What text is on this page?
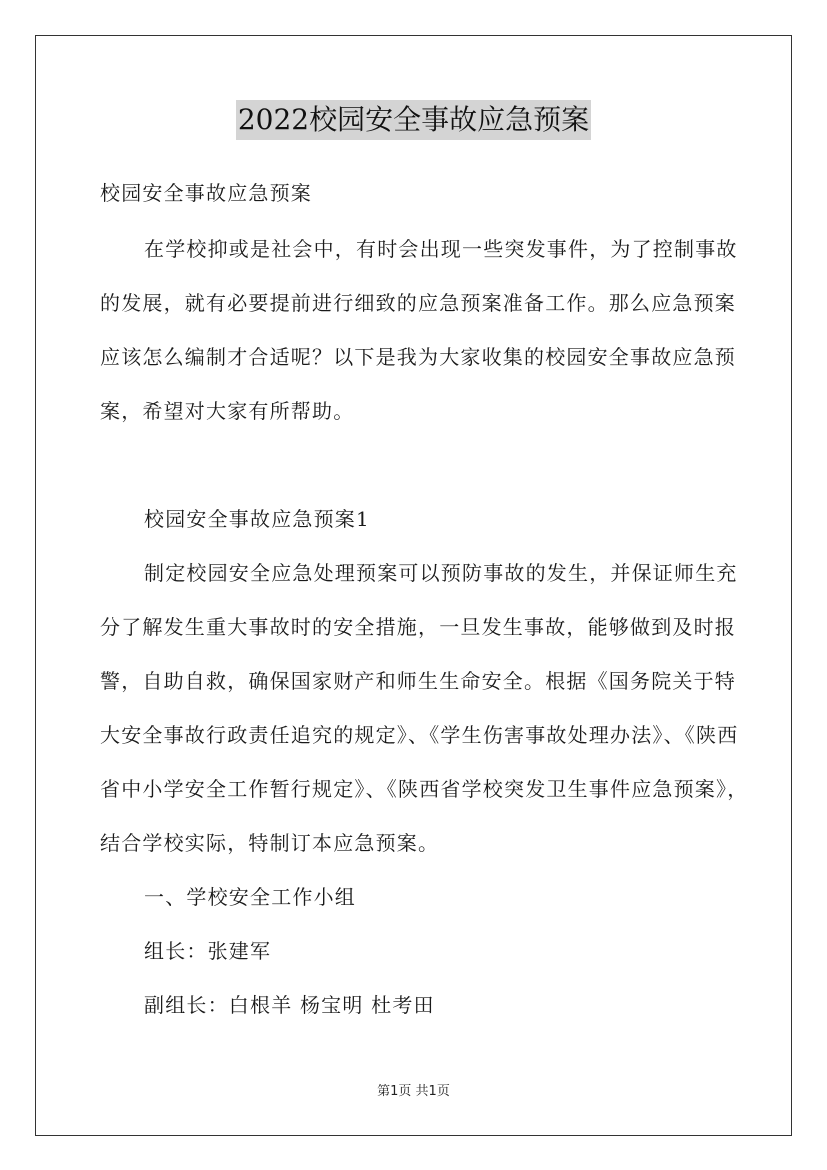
2022校园安全事故应急预案
校园安全事故应急预案
在学校抑或是社会中，有时会出现一些突发事件，为了控制事故
的发展，就有必要提前进行细致的应急预案准备工作。那么应急预案
应该怎么编制才合适呢？以下是我为大家收集的校园安全事故应急预
案，希望对大家有所帮助。
校园安全事故应急预案1
制定校园安全应急处理预案可以预防事故的发生，并保证师生充
分了解发生重大事故时的安全措施，一旦发生事故，能够做到及时报
警，自助自救，确保国家财产和师生生命安全。根据《国务院关于特
大安全事故行政责任追究的规定》、《学生伤害事故处理办法》、《陕西
省中小学安全工作暂行规定》、《陕西省学校突发卫生事件应急预案》，
结合学校实际，特制订本应急预案。
一、学校安全工作小组
组长：张建军
副组长：白根羊 杨宝明 杜考田
第1页 共1页
